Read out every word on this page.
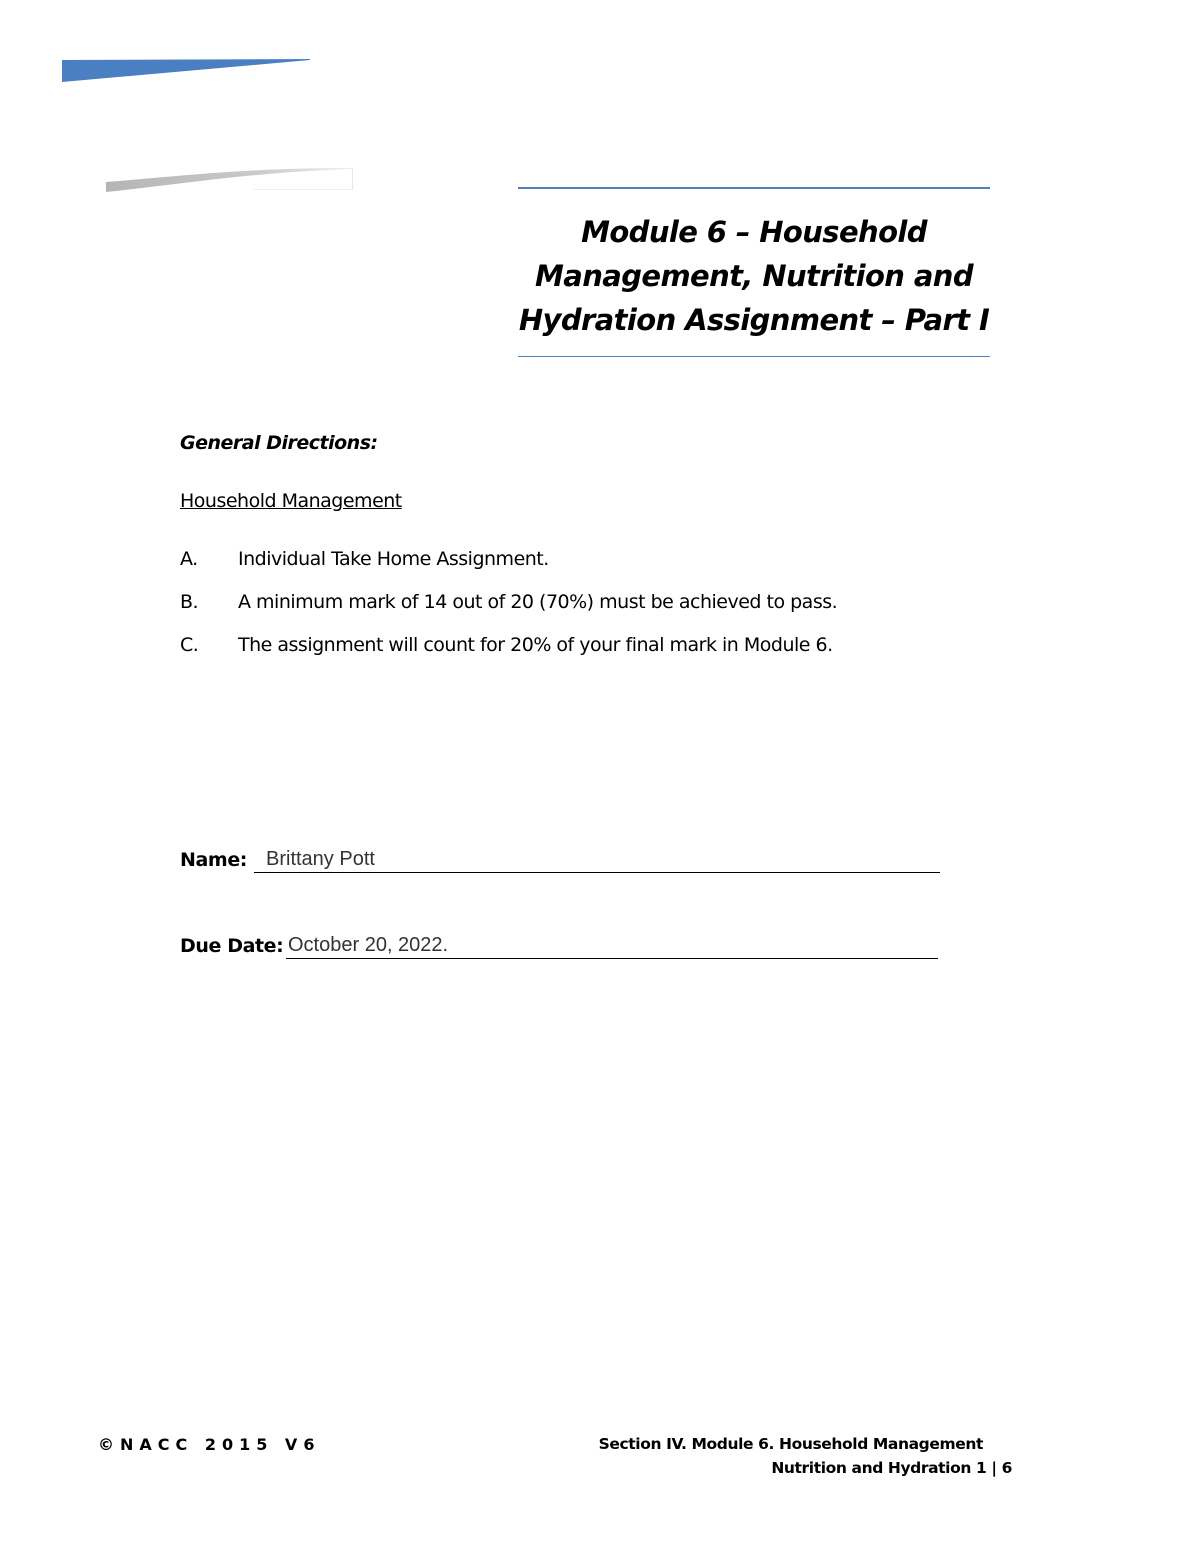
Module 6 – Household Management, Nutrition and Hydration Assignment – Part I
General Directions:
Household Management
A. Individual Take Home Assignment.
B. A minimum mark of 14 out of 20 (70%) must be achieved to pass.
C. The assignment will count for 20% of your final mark in Module 6.
Name: Brittany Pott
Due Date: October 20, 2022.
©NACC 2015 V6	Section IV. Module 6. Household Management
Nutrition and Hydration 1 | 6
